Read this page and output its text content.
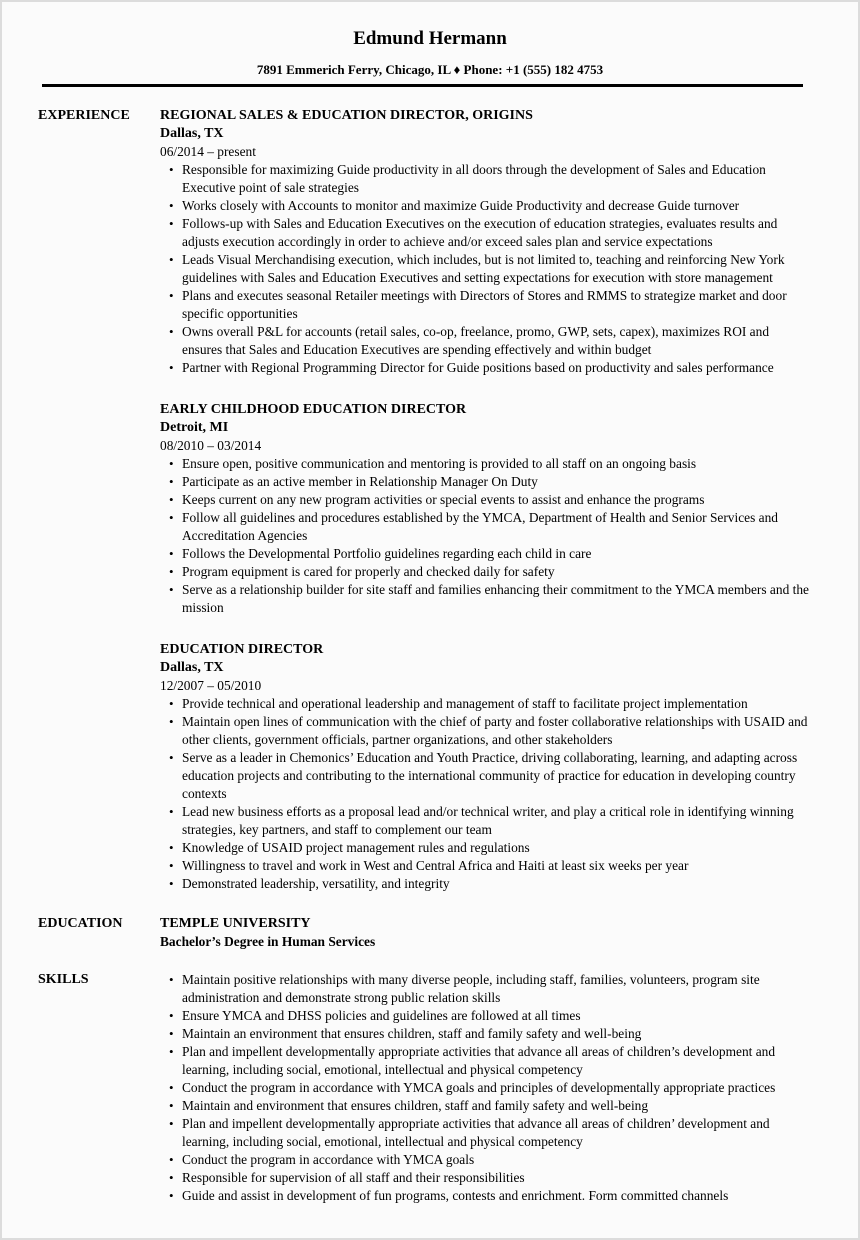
Edmund Hermann
7891 Emmerich Ferry, Chicago, IL ♦ Phone: +1 (555) 182 4753
EXPERIENCE	REGIONAL SALES & EDUCATION DIRECTOR, ORIGINS
Dallas, TX
06/2014 – present
• Responsible for maximizing Guide productivity in all doors through the development of Sales and Education Executive point of sale strategies
• Works closely with Accounts to monitor and maximize Guide Productivity and decrease Guide turnover
• Follows-up with Sales and Education Executives on the execution of education strategies, evaluates results and adjusts execution accordingly in order to achieve and/or exceed sales plan and service expectations
• Leads Visual Merchandising execution, which includes, but is not limited to, teaching and reinforcing New York guidelines with Sales and Education Executives and setting expectations for execution with store management
• Plans and executes seasonal Retailer meetings with Directors of Stores and RMMS to strategize market and door specific opportunities
• Owns overall P&L for accounts (retail sales, co-op, freelance, promo, GWP, sets, capex), maximizes ROI and ensures that Sales and Education Executives are spending effectively and within budget
• Partner with Regional Programming Director for Guide positions based on productivity and sales performance
EARLY CHILDHOOD EDUCATION DIRECTOR
Detroit, MI
08/2010 – 03/2014
• Ensure open, positive communication and mentoring is provided to all staff on an ongoing basis
• Participate as an active member in Relationship Manager On Duty
• Keeps current on any new program activities or special events to assist and enhance the programs
• Follow all guidelines and procedures established by the YMCA, Department of Health and Senior Services and Accreditation Agencies
• Follows the Developmental Portfolio guidelines regarding each child in care
• Program equipment is cared for properly and checked daily for safety
• Serve as a relationship builder for site staff and families enhancing their commitment to the YMCA members and the mission
EDUCATION DIRECTOR
Dallas, TX
12/2007 – 05/2010
• Provide technical and operational leadership and management of staff to facilitate project implementation
• Maintain open lines of communication with the chief of party and foster collaborative relationships with USAID and other clients, government officials, partner organizations, and other stakeholders
• Serve as a leader in Chemonics’ Education and Youth Practice, driving collaborating, learning, and adapting across education projects and contributing to the international community of practice for education in developing country contexts
• Lead new business efforts as a proposal lead and/or technical writer, and play a critical role in identifying winning strategies, key partners, and staff to complement our team
• Knowledge of USAID project management rules and regulations
• Willingness to travel and work in West and Central Africa and Haiti at least six weeks per year
• Demonstrated leadership, versatility, and integrity
EDUCATION	TEMPLE UNIVERSITY
Bachelor’s Degree in Human Services
SKILLS	• Maintain positive relationships with many diverse people, including staff, families, volunteers, program site administration and demonstrate strong public relation skills
• Ensure YMCA and DHSS policies and guidelines are followed at all times
• Maintain an environment that ensures children, staff and family safety and well-being
• Plan and impellent developmentally appropriate activities that advance all areas of children’s development and learning, including social, emotional, intellectual and physical competency
• Conduct the program in accordance with YMCA goals and principles of developmentally appropriate practices
• Maintain and environment that ensures children, staff and family safety and well-being
• Plan and impellent developmentally appropriate activities that advance all areas of children’ development and learning, including social, emotional, intellectual and physical competency
• Conduct the program in accordance with YMCA goals
• Responsible for supervision of all staff and their responsibilities
• Guide and assist in development of fun programs, contests and enrichment. Form committed channels
